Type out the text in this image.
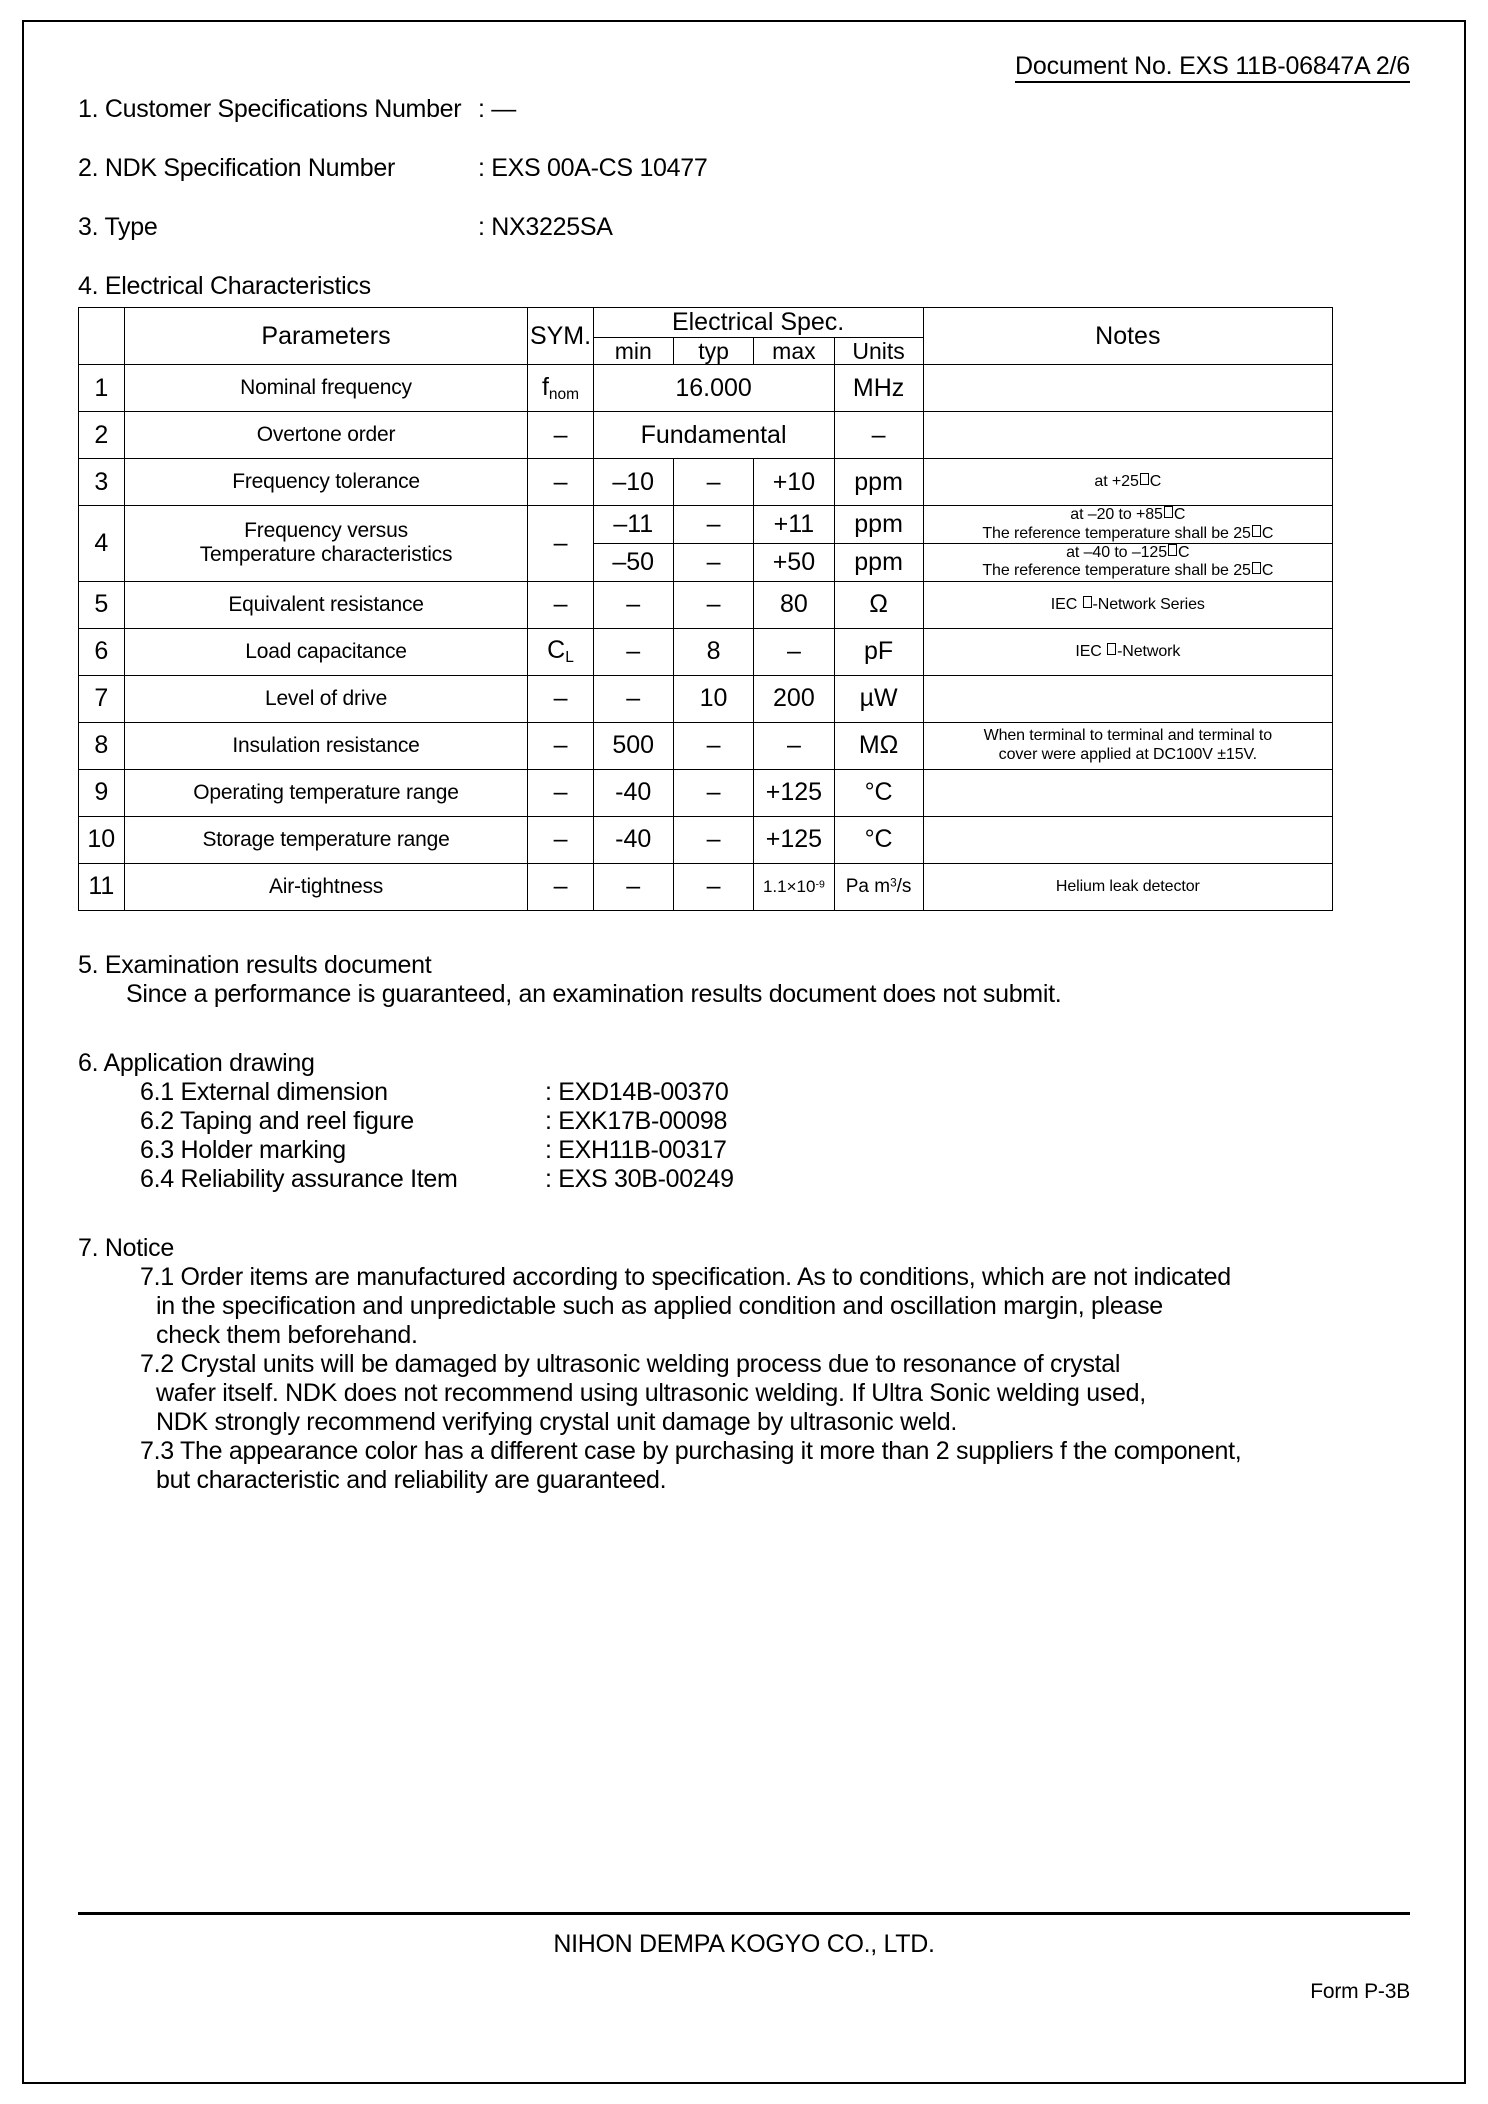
Document No. EXS 11B-06847A 2/6
1. Customer Specifications Number : —
2. NDK Specification Number	: EXS 00A-CS 10477
3. Type	: NX3225SA
4. Electrical Characteristics
	Parameters	SYM.	Electrical Spec.				Notes
			min	typ	max	Units	
1	Nominal frequency	$f_{nom}$	16.000			MHz	
2	Overtone order	–	Fundamental			–	
3	Frequency tolerance	–	–10	–	+10	ppm	at +25 C
4	Frequency versus
Temperature characteristics	–	–11	–	+11	ppm	at –20 to +85 C
The reference temperature shall be 25 C

			–50	–	+50	ppm	at –40 to –125 C
The reference temperature shall be 25 C

5	Equivalent resistance	–	–	–	80	Ω	IEC -Network Series
6	Load capacitance	$C_L$	–	8	–	pF	IEC -Network
7	Level of drive	–	–	10	200	µW	
8	Insulation resistance	–	500	–	–	MΩ	When terminal to terminal and terminal to
cover were applied at DC100V ±15V.

9	Operating temperature range	–	-40	–	+125	°C	
10	Storage temperature range	–	-40	–	+125	°C	
11	Air-tightness	–	–	–	$1.1\times 10^{-9}$	Pa $m^3/s$	Helium leak detector
5. Examination results document
Since a performance is guaranteed, an examination results document does not submit.
6. Application drawing
6.1 External dimension	: EXD14B-00370
6.2 Taping and reel figure	: EXK17B-00098
6.3 Holder marking	: EXH11B-00317
6.4 Reliability assurance Item	: EXS 30B-00249
7. Notice
7.1 Order items are manufactured according to specification. As to conditions, which are not indicated
in the specification and unpredictable such as applied condition and oscillation margin, please
check them beforehand.
7.2 Crystal units will be damaged by ultrasonic welding process due to resonance of crystal
wafer itself. NDK does not recommend using ultrasonic welding. If Ultra Sonic welding used,
NDK strongly recommend verifying crystal unit damage by ultrasonic weld.
7.3 The appearance color has a different case by purchasing it more than 2 suppliers f the component,
but characteristic and reliability are guaranteed.
NIHON DEMPA KOGYO CO., LTD.
Form P-3B
